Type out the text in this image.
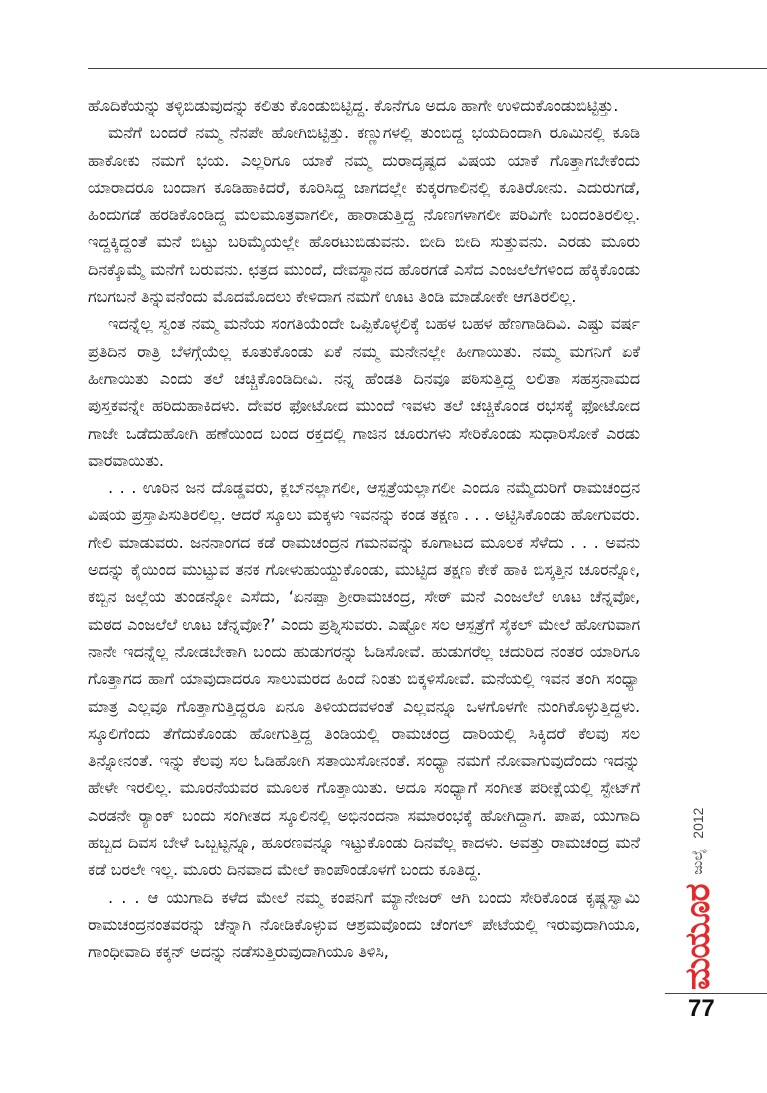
ಹೊದಿಕೆಯನ್ನು ತಳ್ಳಿಬಿಡುವುದನ್ನು ಕಲಿತು ಕೊಂಡುಬಿಟ್ಟಿದ್ದ. ಕೊನೆಗೂ ಅದೂ ಹಾಗೇ ಉಳಿದುಕೊಂಡುಬಿಟ್ಟಿತ್ತು.

ಮನೆಗೆ ಬಂದರೆ ನಮ್ಮ ನೆನಪೇ ಹೋಗಿಬಿಟ್ಟಿತ್ತು. ಕಣ್ಣುಗಳಲ್ಲಿ ತುಂಬಿದ್ದ ಭಯದಿಂದಾಗಿ ರೂಮಿನಲ್ಲಿ ಕೂಡಿ ಹಾಕೋಕು ನಮಗೆ ಭಯ. ಎಲ್ಲರಿಗೂ ಯಾಕೆ ನಮ್ಮ ದುರಾದೃಷ್ಟದ ವಿಷಯ ಯಾಕೆ ಗೊತ್ತಾಗಬೇಕೆಂದು ಯಾರಾದರೂ ಬಂದಾಗ ಕೂಡಿಹಾಕಿದರೆ, ಕೂರಿಸಿದ್ದ ಜಾಗದಲ್ಲೇ ಕುಕ್ಕರಗಾಲಿನಲ್ಲಿ ಕೂತಿರೋನು. ಎದುರುಗಡೆ, ಹಿಂದುಗಡೆ ಹರಡಿಕೊಂಡಿದ್ದ ಮಲಮೂತ್ರವಾಗಲೀ, ಹಾರಾಡುತ್ತಿದ್ದ ನೊಣಗಳಾಗಲೀ ಪರಿವಿಗೇ ಬಂದಂತಿರಲಿಲ್ಲ. ಇದ್ದಕ್ಕಿದ್ದಂತೆ ಮನೆ ಬಿಟ್ಟು ಬರಿಮೈಯಲ್ಲೇ ಹೊರಟುಬಿಡುವನು. ಬೀದಿ ಬೀದಿ ಸುತ್ತುವನು. ಎರಡು ಮೂರು ದಿನಕ್ಕೊಮ್ಮೆ ಮನೆಗೆ ಬರುವನು. ಛತ್ರದ ಮುಂದೆ, ದೇವಸ್ಥಾನದ ಹೊರಗಡೆ ಎಸೆದ ಎಂಜಲೆಲೆಗಳಿಂದ ಹೆಕ್ಕಿಕೊಂಡು ಗಬಗಬನೆ ತಿನ್ನುವನೆಂದು ಮೊದಮೊದಲು ಕೇಳಿದಾಗ ನಮಗೆ ಊಟ ತಿಂಡಿ ಮಾಡೋಕೇ ಆಗತಿರಲಿಲ್ಲ.

ಇದನ್ನೆಲ್ಲ ಸ್ವಂತ ನಮ್ಮ ಮನೆಯ ಸಂಗತಿಯೆಂದೇ ಒಪ್ಪಿಕೊಳ್ಳಲಿಕ್ಕೆ ಬಹಳ ಬಹಳ ಹೆಣಗಾಡಿದಿವಿ. ಎಷ್ಟು ವರ್ಷ ಪ್ರತಿದಿನ ರಾತ್ರಿ ಬೆಳಗ್ಗೆಯೆಲ್ಲ ಕೂತುಕೊಂಡು ಏಕೆ ನಮ್ಮ ಮನೇನಲ್ಲೇ ಹೀಗಾಯಿತು. ನಮ್ಮ ಮಗನಿಗೆ ಏಕೆ ಹೀಗಾಯಿತು ಎಂದು ತಲೆ ಚಚ್ಚಿಕೊಂಡಿದೀವಿ. ನನ್ನ ಹೆಂಡತಿ ದಿನವೂ ಪಠಿಸುತ್ತಿದ್ದ ಲಲಿತಾ ಸಹಸ್ರನಾಮದ ಪುಸ್ತಕವನ್ನೇ ಹರಿದುಹಾಕಿದಳು. ದೇವರ ಫೋಟೋದ ಮುಂದೆ ಇವಳು ತಲೆ ಚಚ್ಚಿಕೊಂಡ ರಭಸಕ್ಕೆ ಫೋಟೋದ ಗಾಜೇ ಒಡೆದುಹೋಗಿ ಹಣೆಯಿಂದ ಬಂದ ರಕ್ತದಲ್ಲಿ ಗಾಜಿನ ಚೂರುಗಳು ಸೇರಿಕೊಂಡು ಸುಧಾರಿಸೋಕೆ ಎರಡು ವಾರವಾಯಿತು.

. . . ಊರಿನ ಜನ ದೊಡ್ಡವರು, ಕ್ಲಬ್‌ನಲ್ಲಾಗಲೀ, ಆಸ್ಪತ್ರೆಯಲ್ಲಾಗಲೀ ಎಂದೂ ನಮ್ಮೆದುರಿಗೆ ರಾಮಚಂದ್ರನ ವಿಷಯ ಪ್ರಸ್ತಾಪಿಸುತಿರಲಿಲ್ಲ. ಆದರೆ ಸ್ಕೂಲು ಮಕ್ಕಳು ಇವನನ್ನು ಕಂಡ ತಕ್ಷಣ . . . ಅಟ್ಟಿಸಿಕೊಂಡು ಹೋಗುವರು. ಗೇಲಿ ಮಾಡುವರು. ಜನನಾಂಗದ ಕಡೆ ರಾಮಚಂದ್ರನ ಗಮನವನ್ನು ಕೂಗಾಟದ ಮೂಲಕ ಸೆಳೆದು . . . ಅವನು ಅದನ್ನು ಕೈಯಿಂದ ಮುಟ್ಟುವ ತನಕ ಗೋಳುಹುಯ್ದುಕೊಂಡು, ಮುಟ್ಟಿದ ತಕ್ಷಣ ಕೇಕೆ ಹಾಕಿ ಬಿಸ್ಕತ್ತಿನ ಚೂರನ್ನೋ, ಕಬ್ಬಿನ ಜಲ್ಲೆಯ ತುಂಡನ್ನೋ ಎಸೆದು, ‘ಏನಪ್ಪಾ ಶ್ರೀರಾಮಚಂದ್ರ, ಸೇಠ್ ಮನೆ ಎಂಜಲೆಲೆ ಊಟ ಚೆನ್ನವೋ, ಮಠದ ಎಂಜಲೆಲೆ ಊಟ ಚೆನ್ನವೋ?’ ಎಂದು ಪ್ರಶ್ನಿಸುವರು. ಎಷ್ಟೋ ಸಲ ಆಸ್ಪತ್ರೆಗೆ ಸೈಕಲ್ ಮೇಲೆ ಹೋಗುವಾಗ ನಾನೇ ಇದನ್ನೆಲ್ಲ ನೋಡಬೇಕಾಗಿ ಬಂದು ಹುಡುಗರನ್ನು ಓಡಿಸೋವೆ. ಹುಡುಗರೆಲ್ಲ ಚದುರಿದ ನಂತರ ಯಾರಿಗೂ ಗೊತ್ತಾಗದ ಹಾಗೆ ಯಾವುದಾದರೂ ಸಾಲುಮರದ ಹಿಂದೆ ನಿಂತು ಬಿಕ್ಕಳಿಸೋವೆ. ಮನೆಯಲ್ಲಿ ಇವನ ತಂಗಿ ಸಂಧ್ಯಾ ಮಾತ್ರ ಎಲ್ಲವೂ ಗೊತ್ತಾಗುತ್ತಿದ್ದರೂ ಏನೂ ತಿಳಿಯದವಳಂತೆ ಎಲ್ಲವನ್ನೂ ಒಳಗೊಳಗೇ ನುಂಗಿಕೊಳ್ಳುತ್ತಿದ್ದಳು. ಸ್ಕೂಲಿಗೆಂದು ತೆಗೆದುಕೊಂಡು ಹೋಗುತ್ತಿದ್ದ ತಿಂಡಿಯಲ್ಲಿ ರಾಮಚಂದ್ರ ದಾರಿಯಲ್ಲಿ ಸಿಕ್ಕಿದರೆ ಕೆಲವು ಸಲ ತಿನ್ನೋನಂತೆ. ಇನ್ನು ಕೆಲವು ಸಲ ಓಡಿಹೋಗಿ ಸತಾಯಿಸೋನಂತೆ. ಸಂಧ್ಯಾ ನಮಗೆ ನೋವಾಗುವುದೆಂದು ಇದನ್ನು ಹೇಳೇ ಇರಲಿಲ್ಲ. ಮೂರನೆಯವರ ಮೂಲಕ ಗೊತ್ತಾಯಿತು. ಅದೂ ಸಂಧ್ಯಾಗೆ ಸಂಗೀತ ಪರೀಕ್ಷೆಯಲ್ಲಿ ಸ್ಟೇಟ್‌ಗೆ ಎರಡನೇ ರ್‍ಯಾಂಕ್ ಬಂದು ಸಂಗೀತದ ಸ್ಕೂಲಿನಲ್ಲಿ ಅಭಿನಂದನಾ ಸಮಾರಂಭಕ್ಕೆ ಹೋಗಿದ್ದಾಗ. ಪಾಪ, ಯುಗಾದಿ ಹಬ್ಬದ ದಿವಸ ಬೇಳೆ ಒಬ್ಬಟ್ಟನ್ನೂ, ಹೂರಣವನ್ನೂ ಇಟ್ಟುಕೊಂಡು ದಿನವೆಲ್ಲ ಕಾದಳು. ಅವತ್ತು ರಾಮಚಂದ್ರ ಮನೆ ಕಡೆ ಬರಲೇ ಇಲ್ಲ. ಮೂರು ದಿನವಾದ ಮೇಲೆ ಕಾಂಪೌಂಡೊಳಗೆ ಬಂದು ಕೂತಿದ್ದ.

. . . ಆ ಯುಗಾದಿ ಕಳೆದ ಮೇಲೆ ನಮ್ಮ ಕಂಪನಿಗೆ ಮ್ಯಾನೇಜರ್ ಆಗಿ ಬಂದು ಸೇರಿಕೊಂಡ ಕೃಷ್ಣಸ್ವಾಮಿ ರಾಮಚಂದ್ರನಂತವರನ್ನು ಚೆನ್ನಾಗಿ ನೋಡಿಕೊಳ್ಳುವ ಆಶ್ರಮವೊಂದು ಚೆಂಗಲ್ ಪೇಟೆಯಲ್ಲಿ ಇರುವುದಾಗಿಯೂ, ಗಾಂಧೀವಾದಿ ಕಕ್ಕನ್ ಅದನ್ನು ನಡೆಸುತ್ತಿರುವುದಾಗಿಯೂ ತಿಳಿಸಿ,	ಮಯೂರ
ಜುಲೈ
2012
77
